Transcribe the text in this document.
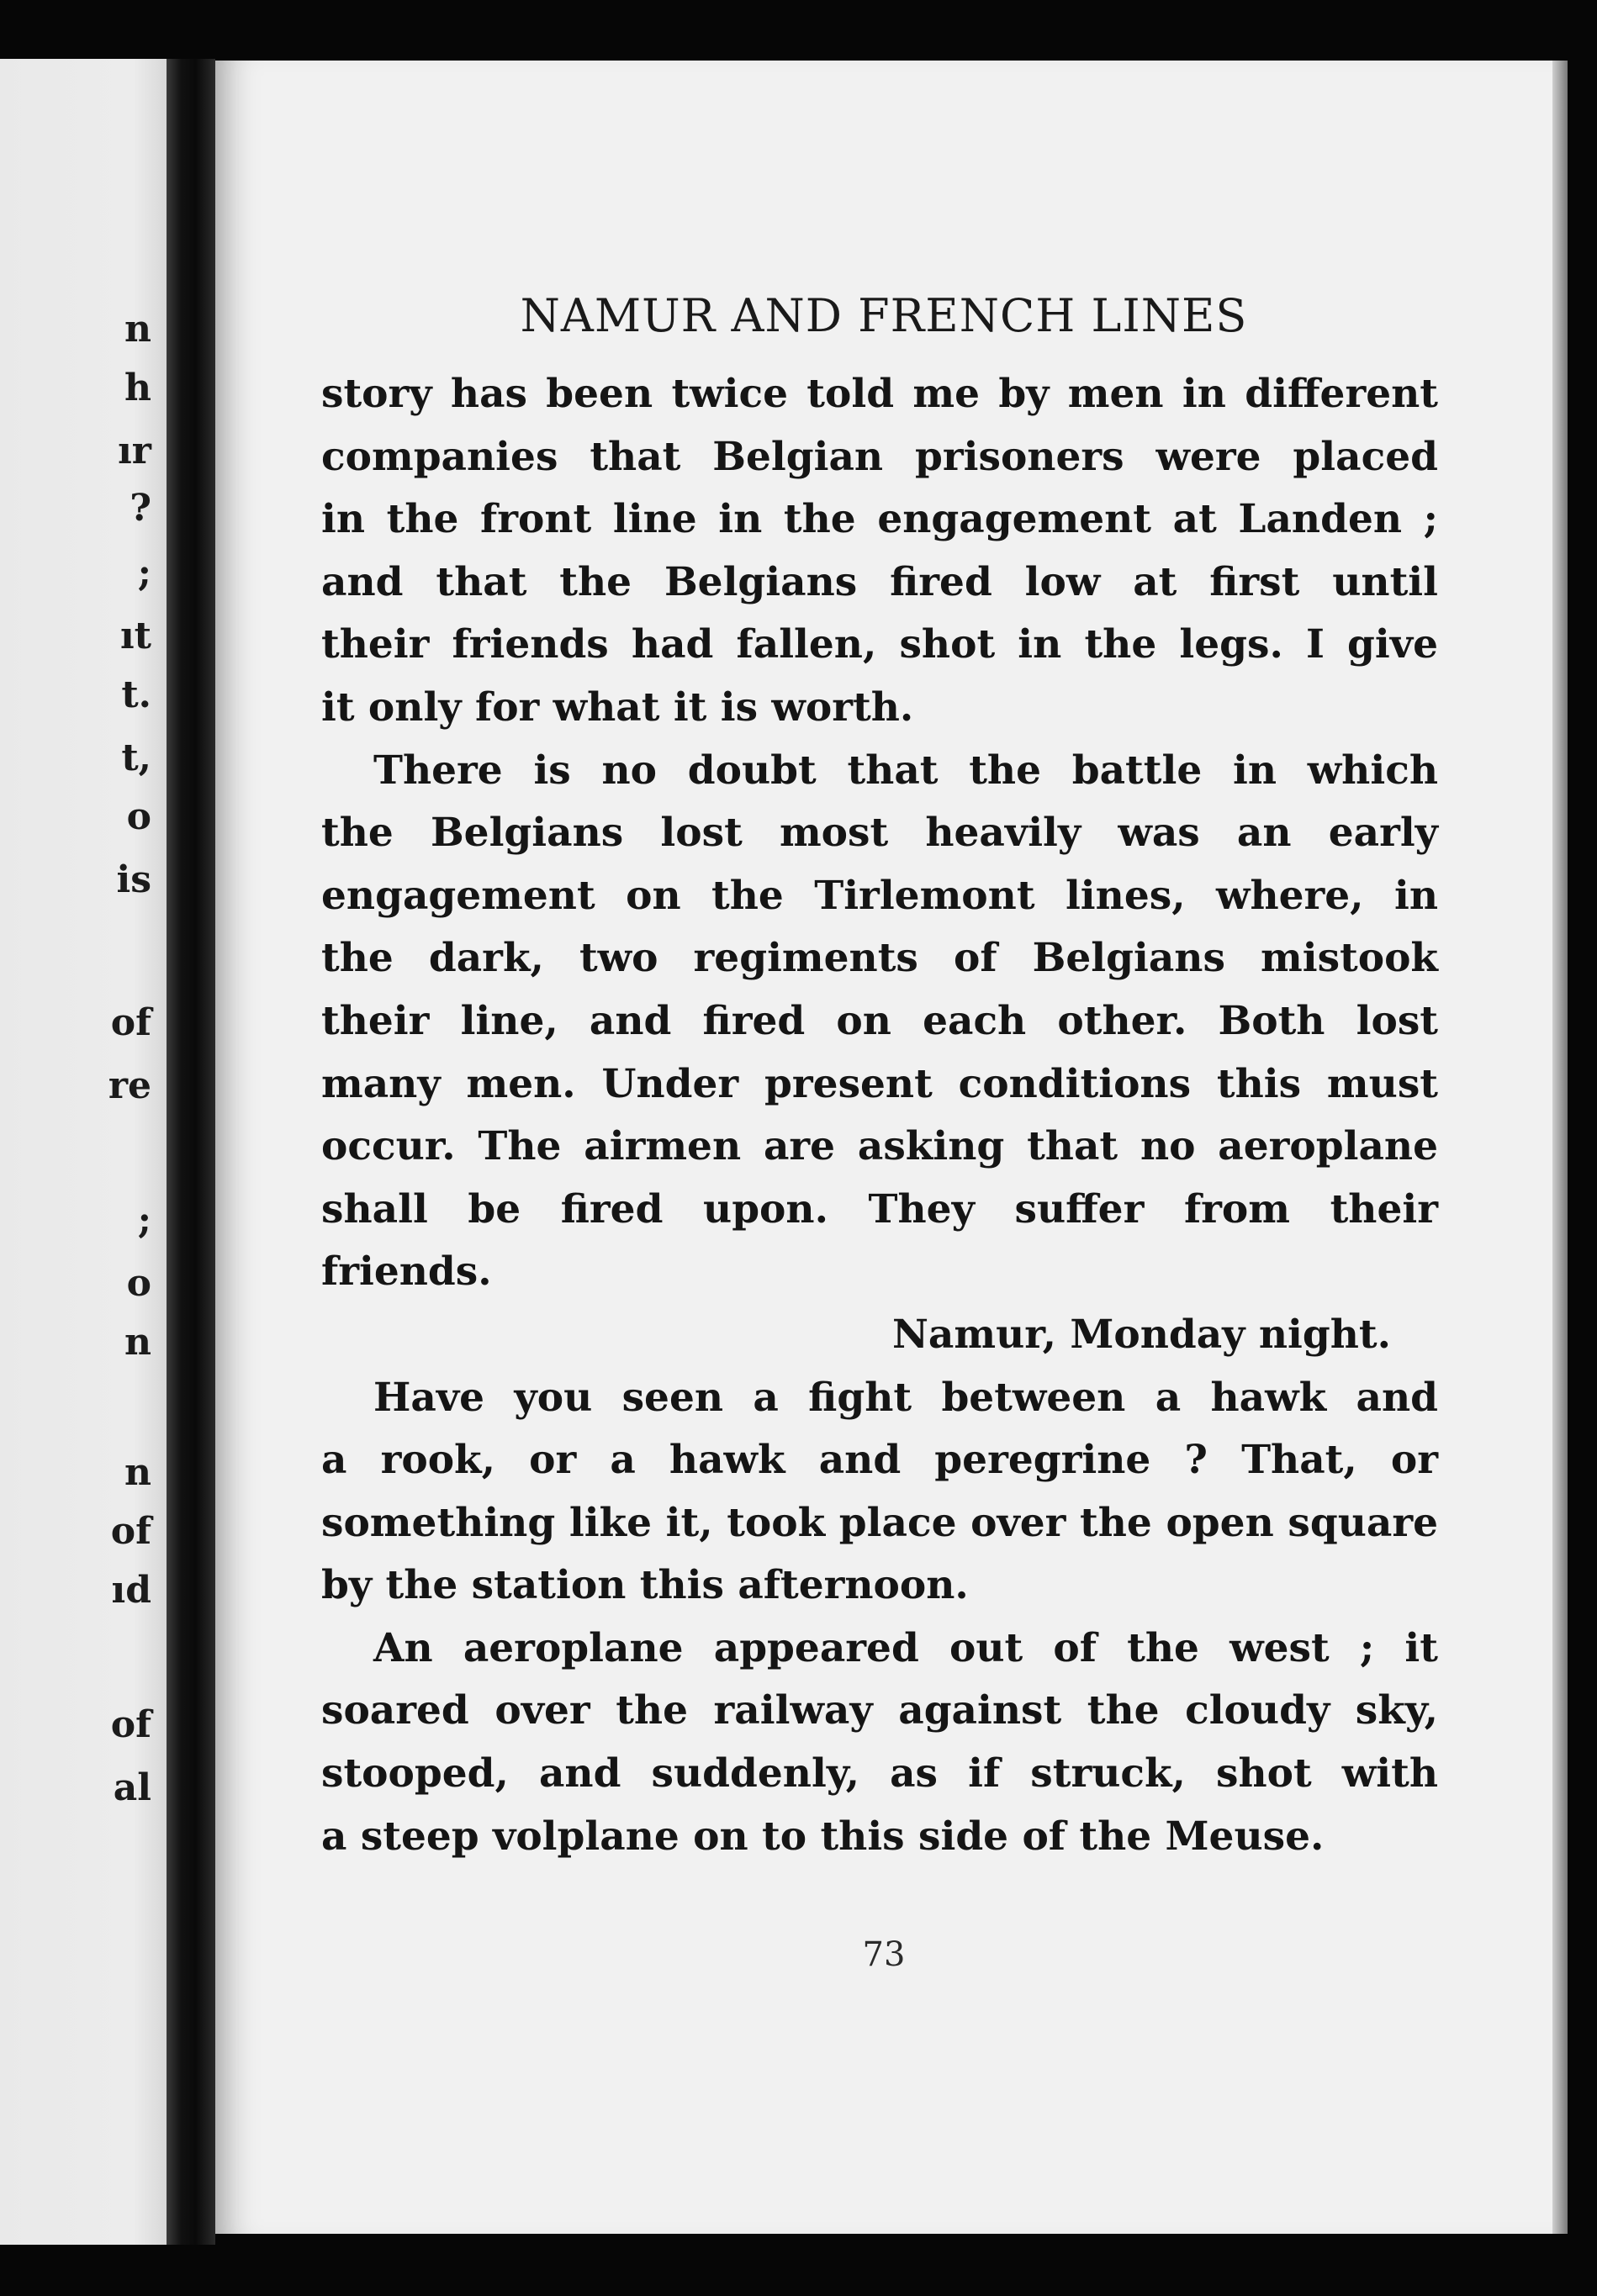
n
h
ır
?
;
ıt
t.
t,
o
is
of
re
;
o
n
n
of
ıd
of
al
NAMUR AND FRENCH LINES
story has been twice told me by men in different
companies that Belgian prisoners were placed
in the front line in the engagement at Landen ;
and that the Belgians fired low at first until
their friends had fallen, shot in the legs. I give
it only for what it is worth.
There is no doubt that the battle in which
the Belgians lost most heavily was an early
engagement on the Tirlemont lines, where, in
the dark, two regiments of Belgians mistook
their line, and fired on each other. Both lost
many men. Under present conditions this must
occur. The airmen are asking that no aeroplane
shall be fired upon. They suffer from their
friends.
Namur, Monday night.
Have you seen a fight between a hawk and
a rook, or a hawk and peregrine ? That, or
something like it, took place over the open square
by the station this afternoon.
An aeroplane appeared out of the west ; it
soared over the railway against the cloudy sky,
stooped, and suddenly, as if struck, shot with
a steep volplane on to this side of the Meuse.
73
